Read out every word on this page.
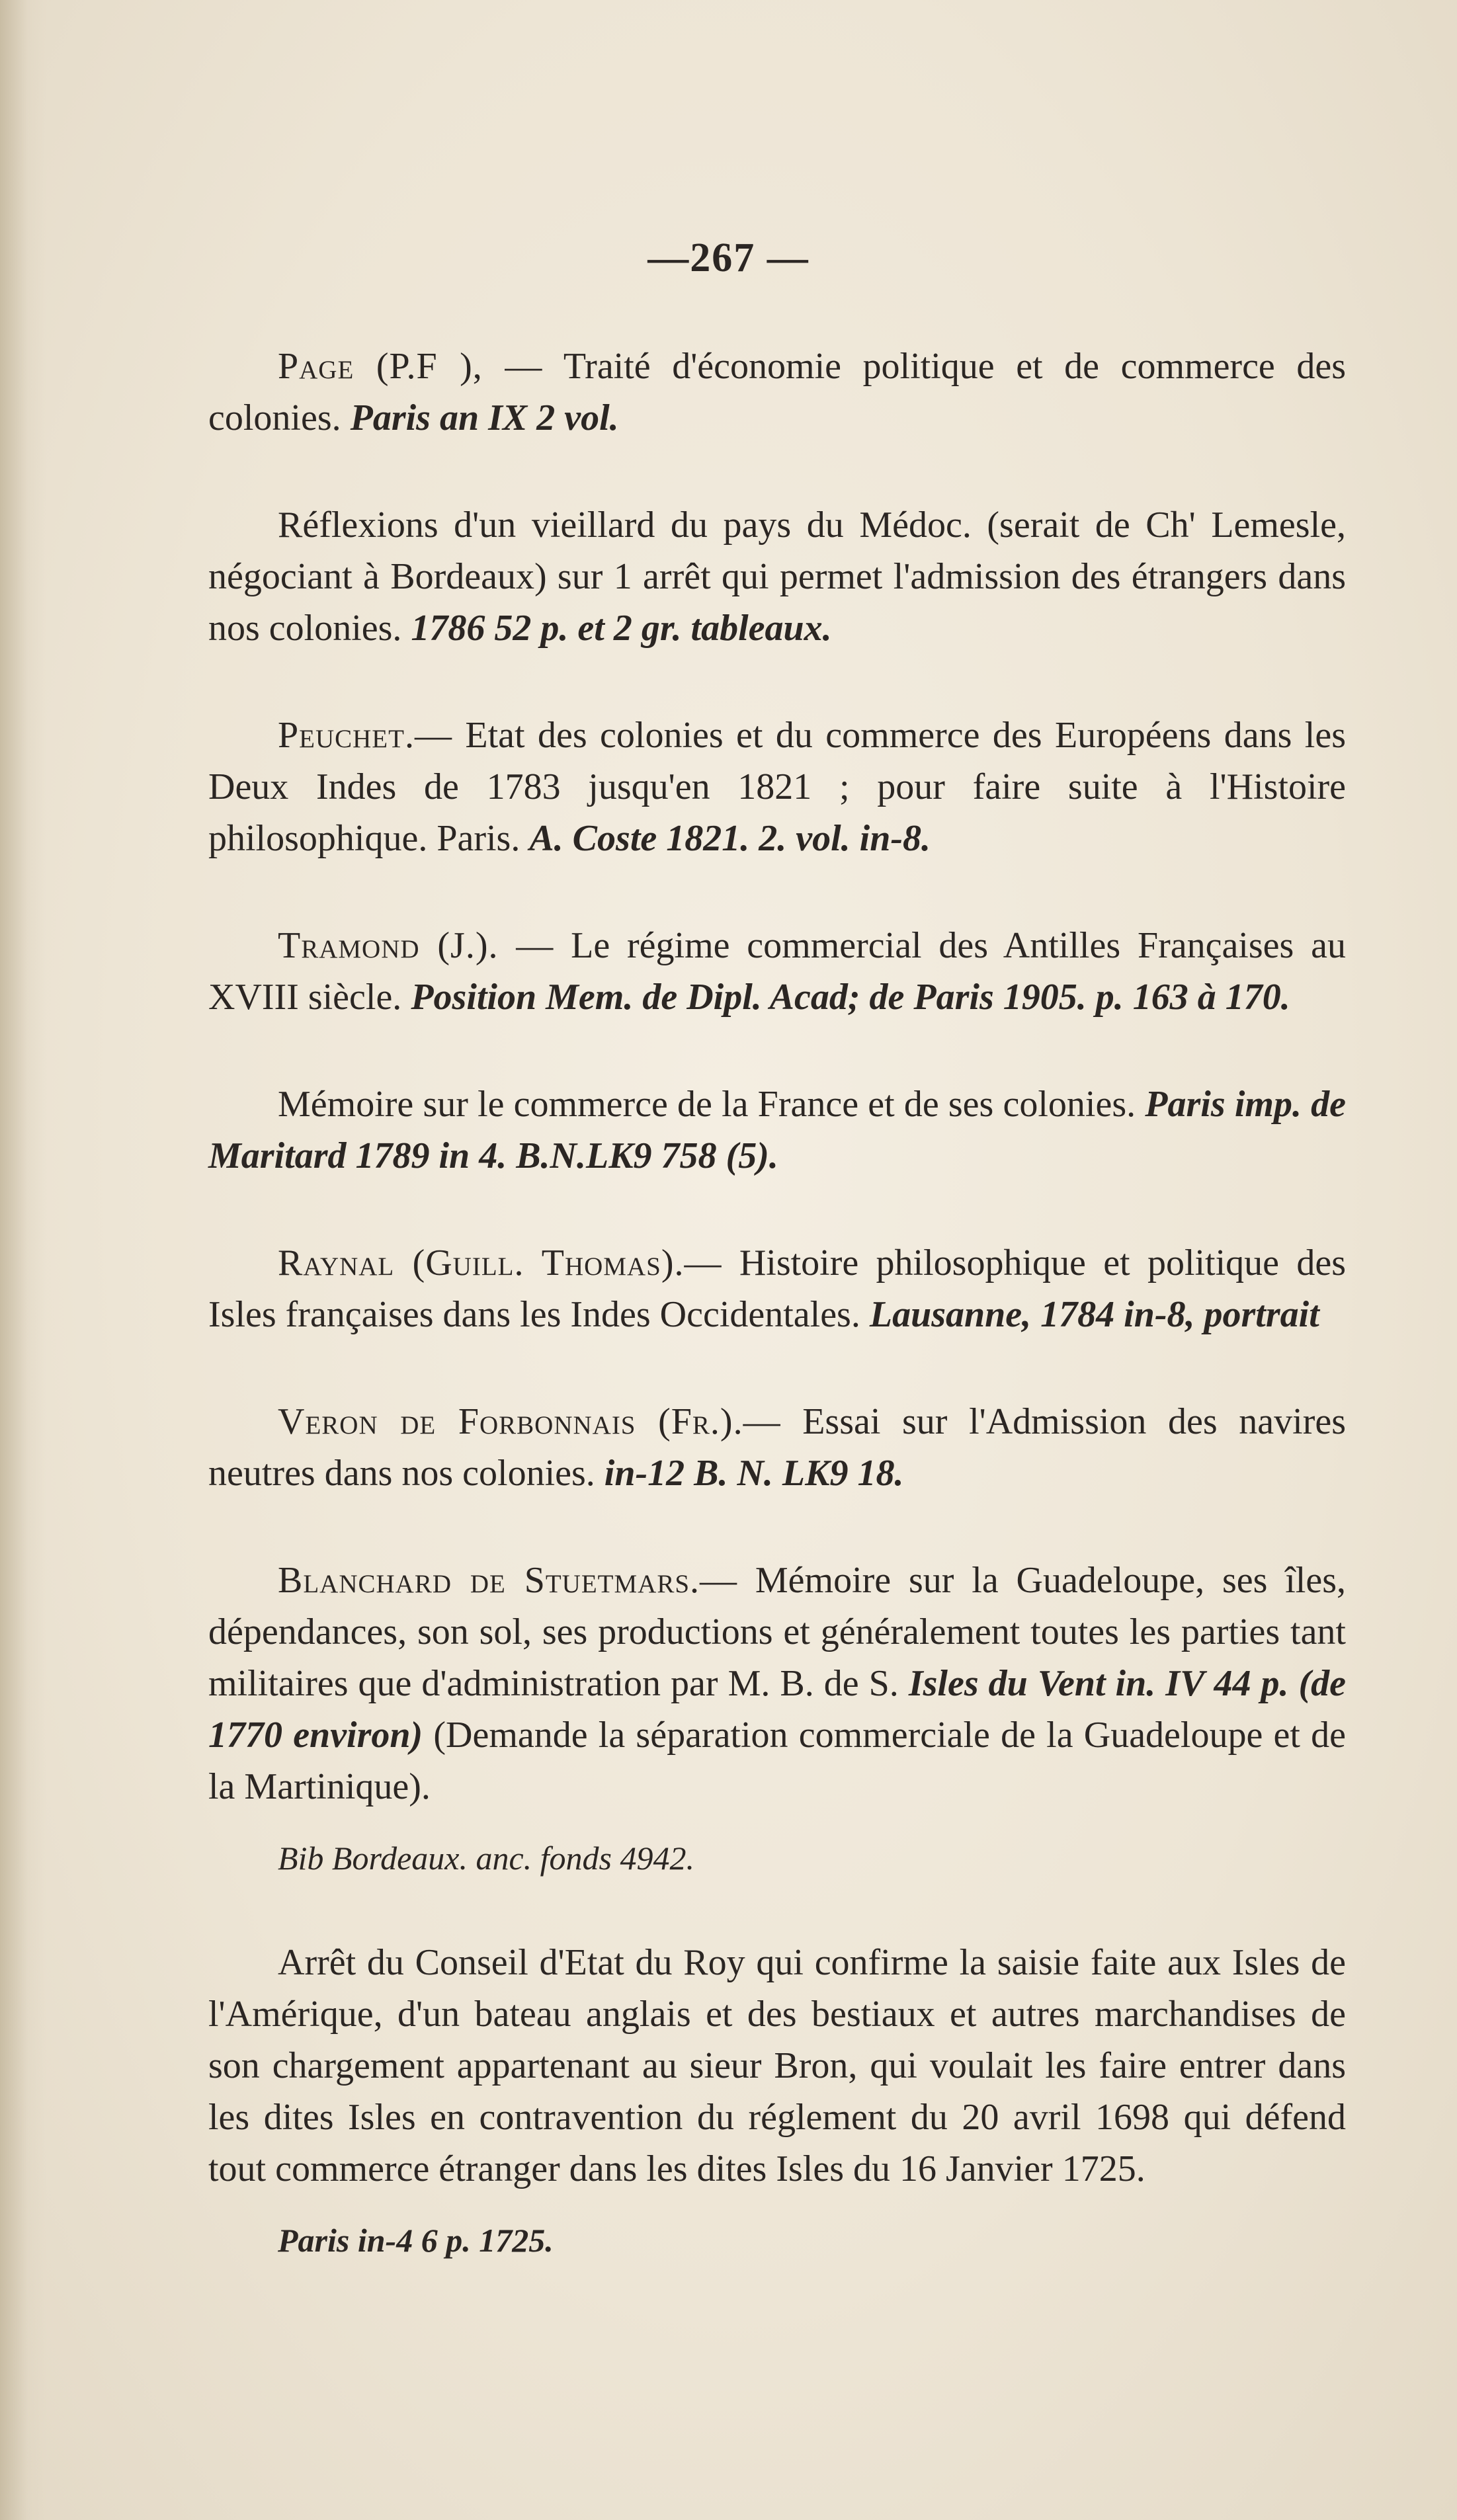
—267 —

Page (P.F ), — Traité d'économie politique et de commerce des colonies. Paris an IX 2 vol.

Réflexions d'un vieillard du pays du Médoc. (serait de Ch' Lemesle, négociant à Bordeaux) sur 1 arrêt qui permet l'admission des étrangers dans nos colonies. 1786 52 p. et 2 gr. tableaux.

Peuchet.— Etat des colonies et du commerce des Européens dans les Deux Indes de 1783 jusqu'en 1821 ; pour faire suite à l'Histoire philosophique. Paris. A. Coste 1821. 2. vol. in-8.

Tramond (J.). — Le régime commercial des Antilles Françaises au XVIII siècle. Position Mem. de Dipl. Acad; de Paris 1905. p. 163 à 170.

Mémoire sur le commerce de la France et de ses colonies. Paris imp. de Maritard 1789 in 4. B.N.LK9 758 (5).

Raynal (Guill. Thomas).— Histoire philosophique et politique des Isles françaises dans les Indes Occidentales. Lausanne, 1784 in-8, portrait

Veron de Forbonnais (Fr.).— Essai sur l'Admission des navires neutres dans nos colonies. in-12 B. N. LK9 18.

Blanchard de Stuetmars.— Mémoire sur la Guadeloupe, ses îles, dépendances, son sol, ses productions et généralement toutes les parties tant militaires que d'administration par M. B. de S. Isles du Vent in. IV 44 p. (de 1770 environ) (Demande la séparation commerciale de la Guadeloupe et de la Martinique).

Bib Bordeaux. anc. fonds 4942.

Arrêt du Conseil d'Etat du Roy qui confirme la saisie faite aux Isles de l'Amérique, d'un bateau anglais et des bestiaux et autres marchandises de son chargement appartenant au sieur Bron, qui voulait les faire entrer dans les dites Isles en contravention du réglement du 20 avril 1698 qui défend tout commerce étranger dans les dites Isles du 16 Janvier 1725.

Paris in-4 6 p. 1725.
